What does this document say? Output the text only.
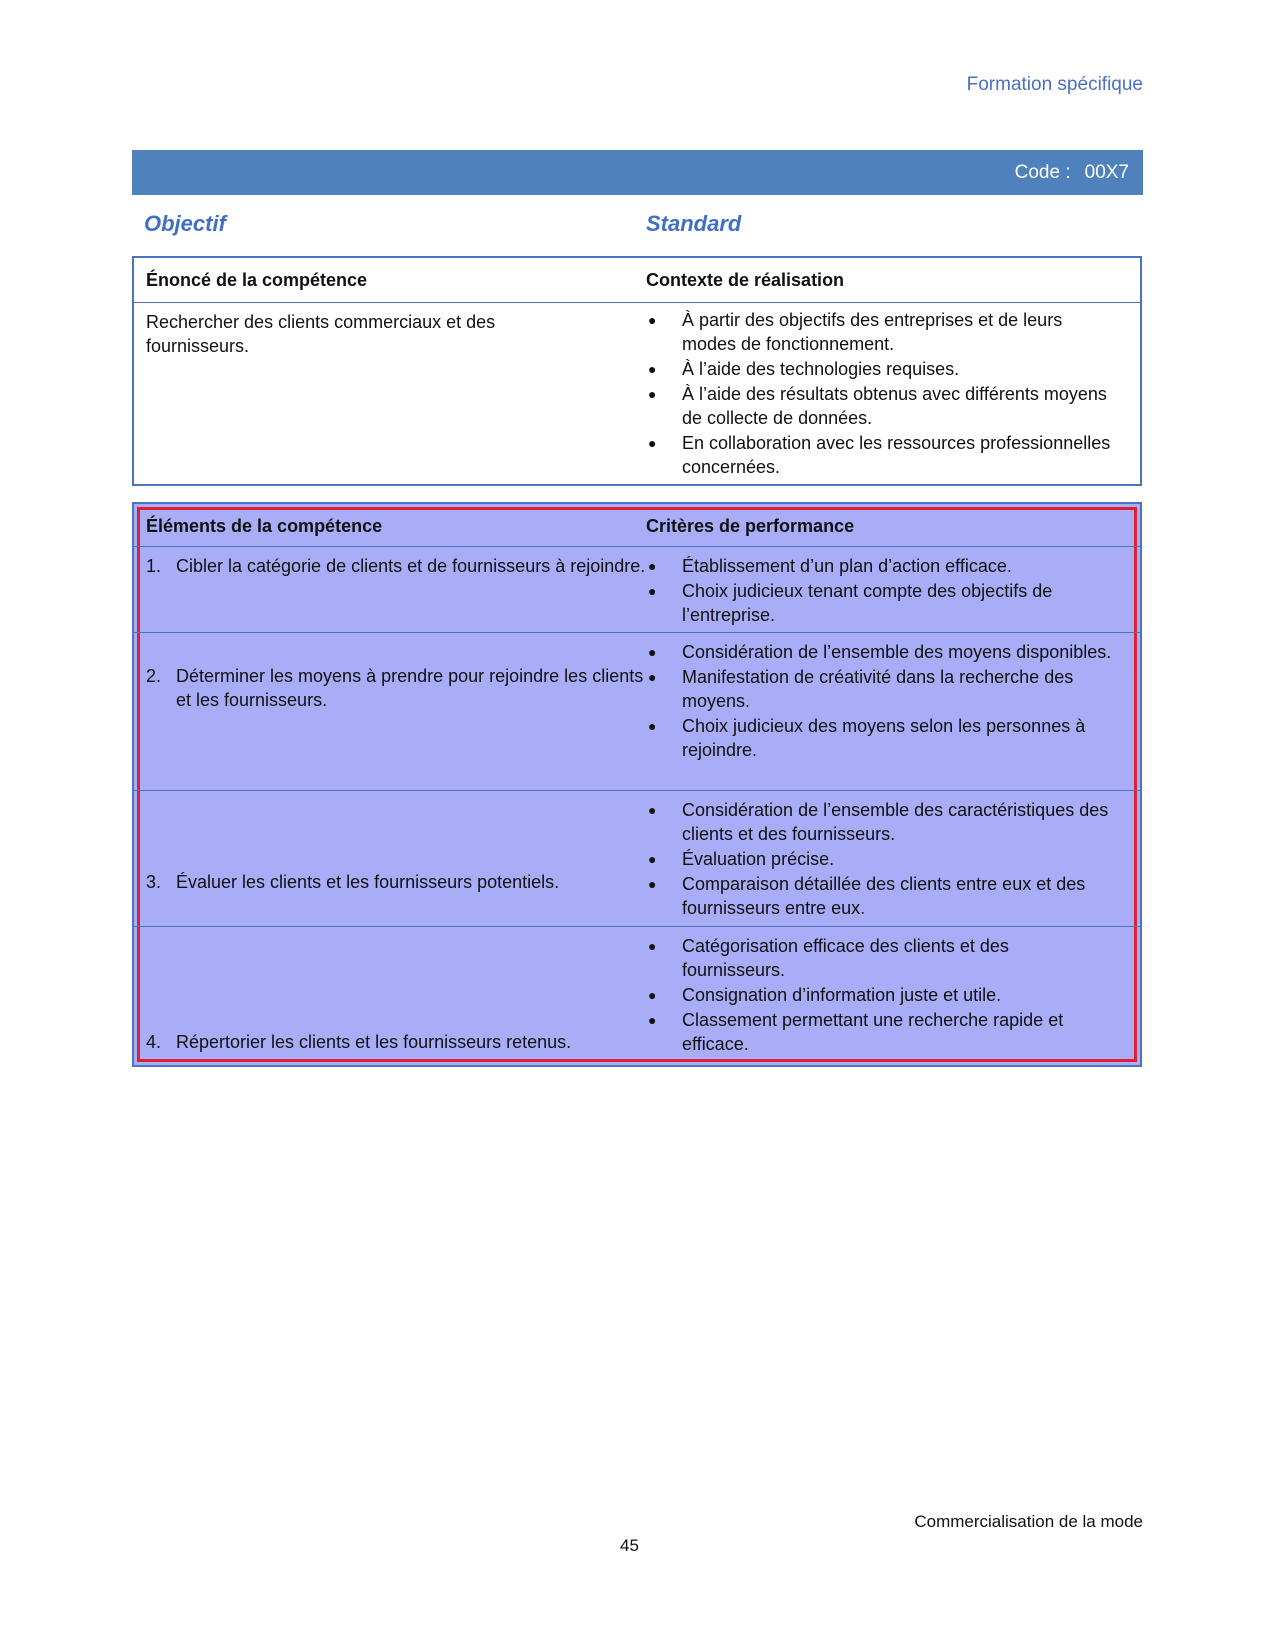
Formation spécifique
Code : 00X7
Objectif	Standard
Énoncé de la compétence	Contexte de réalisation
Rechercher des clients commerciaux et des fournisseurs.
● À partir des objectifs des entreprises et de leurs modes de fonctionnement.
● À l’aide des technologies requises.
● À l’aide des résultats obtenus avec différents moyens de collecte de données.
● En collaboration avec les ressources professionnelles concernées.
Éléments de la compétence	Critères de performance
1. Cibler la catégorie de clients et de fournisseurs à rejoindre. ● Établissement d’un plan d’action efficace.
● Choix judicieux tenant compte des objectifs de l’entreprise.
2. Déterminer les moyens à prendre pour rejoindre les clients et les fournisseurs.
● Considération de l’ensemble des moyens disponibles.
● Manifestation de créativité dans la recherche des moyens.
● Choix judicieux des moyens selon les personnes à rejoindre.
3. Évaluer les clients et les fournisseurs potentiels.
● Considération de l’ensemble des caractéristiques des clients et des fournisseurs.
● Évaluation précise.
● Comparaison détaillée des clients entre eux et des fournisseurs entre eux.
4. Répertorier les clients et les fournisseurs retenus.
● Catégorisation efficace des clients et des fournisseurs.
● Consignation d’information juste et utile.
● Classement permettant une recherche rapide et efficace.
Commercialisation de la mode
45
